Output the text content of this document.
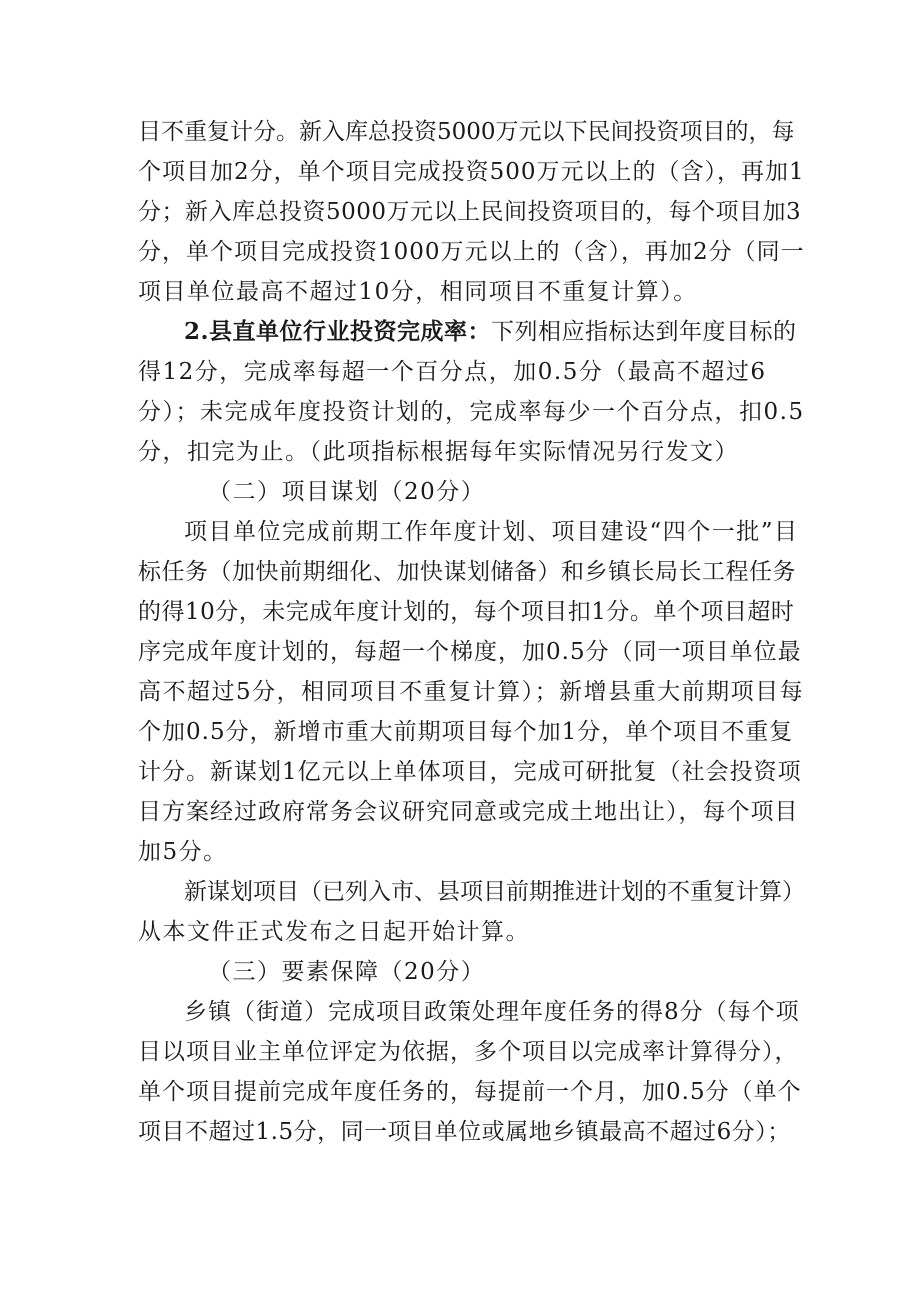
目不重复计分。新入库总投资5000万元以下民间投资项目的，每
个项目加2分，单个项目完成投资500万元以上的（含），再加1
分；新入库总投资5000万元以上民间投资项目的，每个项目加3
分，单个项目完成投资1000万元以上的（含），再加2分（同一
项目单位最高不超过10分，相同项目不重复计算）。
2.县直单位行业投资完成率：下列相应指标达到年度目标的
得12分，完成率每超一个百分点，加0.5分（最高不超过6
分）；未完成年度投资计划的，完成率每少一个百分点，扣0.5
分，扣完为止。（此项指标根据每年实际情况另行发文）
（二）项目谋划（20分）
项目单位完成前期工作年度计划、项目建设“四个一批”目
标任务（加快前期细化、加快谋划储备）和乡镇长局长工程任务
的得10分，未完成年度计划的，每个项目扣1分。单个项目超时
序完成年度计划的，每超一个梯度，加0.5分（同一项目单位最
高不超过5分，相同项目不重复计算）；新增县重大前期项目每
个加0.5分，新增市重大前期项目每个加1分，单个项目不重复
计分。新谋划1亿元以上单体项目，完成可研批复（社会投资项
目方案经过政府常务会议研究同意或完成土地出让），每个项目
加5分。
新谋划项目（已列入市、县项目前期推进计划的不重复计算）
从本文件正式发布之日起开始计算。
（三）要素保障（20分）
乡镇（街道）完成项目政策处理年度任务的得8分（每个项
目以项目业主单位评定为依据，多个项目以完成率计算得分），
单个项目提前完成年度任务的，每提前一个月，加0.5分（单个
项目不超过1.5分，同一项目单位或属地乡镇最高不超过6分）；
